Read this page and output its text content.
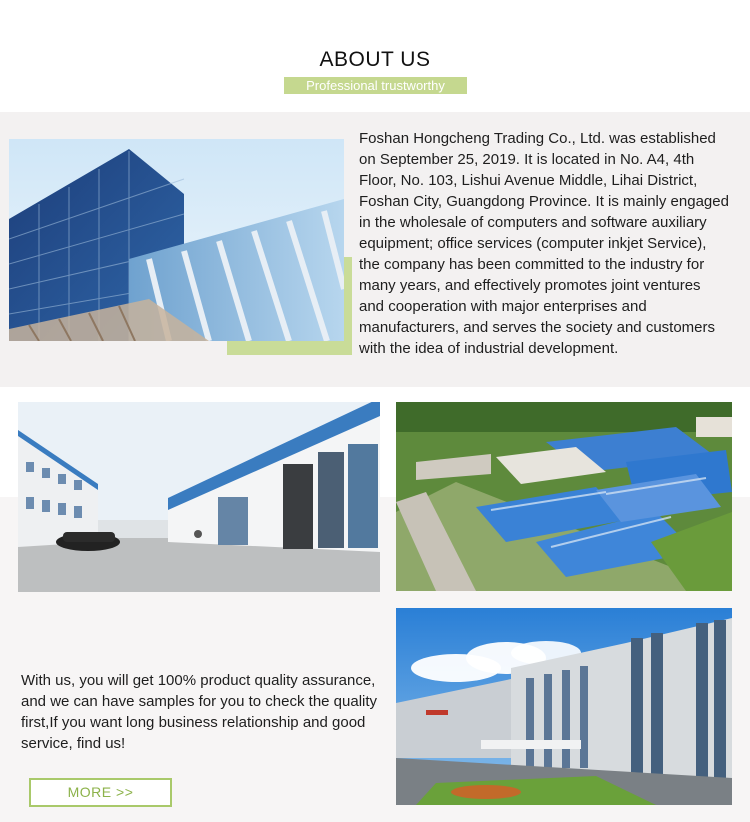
ABOUT US
Professional trustworthy
Foshan Hongcheng Trading Co., Ltd. was established on September 25, 2019. It is located in No. A4, 4th Floor, No. 103, Lishui Avenue Middle, Lihai District, Foshan City, Guangdong Province. It is mainly engaged in the wholesale of computers and software auxiliary equipment; office services (computer inkjet Service), the company has been committed to the industry for many years, and effectively promotes joint ventures and cooperation with major enterprises and manufacturers, and serves the society and customers with the idea of industrial development.
With us, you will get 100% product quality assurance, and we can have samples for you to check the quality first,If you want long business relationship and good service, find us!
MORE >>
